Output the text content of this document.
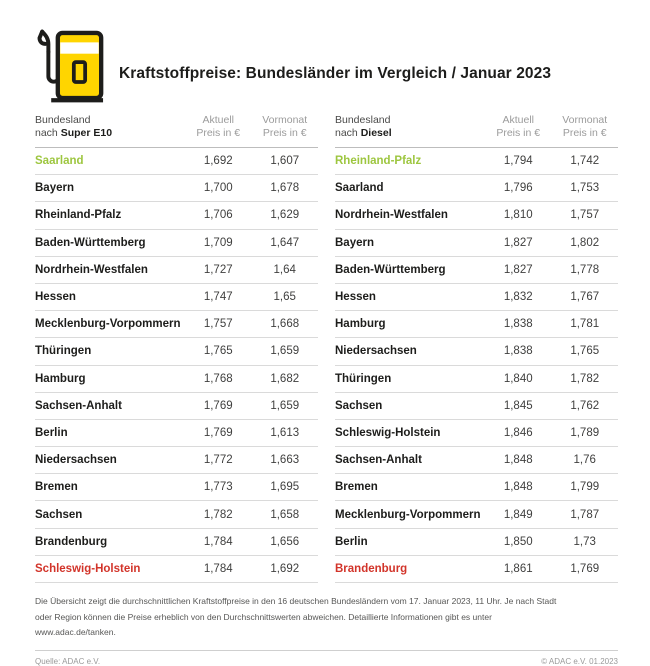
Kraftstoffpreise: Bundesländer im Vergleich / Januar 2023
Bundesland
nach Super E10
Aktuell
Preis in €
Vormonat
Preis in €
Saarland	1,692	1,607
Bayern	1,700	1,678
Rheinland-Pfalz	1,706	1,629
Baden-Württemberg	1,709	1,647
Nordrhein-Westfalen	1,727	1,64
Hessen	1,747	1,65
Mecklenburg-Vorpommern	1,757	1,668
Thüringen	1,765	1,659
Hamburg	1,768	1,682
Sachsen-Anhalt	1,769	1,659
Berlin	1,769	1,613
Niedersachsen	1,772	1,663
Bremen	1,773	1,695
Sachsen	1,782	1,658
Brandenburg	1,784	1,656
Schleswig-Holstein	1,784	1,692
Bundesland
nach Diesel
Aktuell
Preis in €
Vormonat
Preis in €
Rheinland-Pfalz	1,794	1,742
Saarland	1,796	1,753
Nordrhein-Westfalen	1,810	1,757
Bayern	1,827	1,802
Baden-Württemberg	1,827	1,778
Hessen	1,832	1,767
Hamburg	1,838	1,781
Niedersachsen	1,838	1,765
Thüringen	1,840	1,782
Sachsen	1,845	1,762
Schleswig-Holstein	1,846	1,789
Sachsen-Anhalt	1,848	1,76
Bremen	1,848	1,799
Mecklenburg-Vorpommern	1,849	1,787
Berlin	1,850	1,73
Brandenburg	1,861	1,769

Die Übersicht zeigt die durchschnittlichen Kraftstoffpreise in den 16 deutschen Bundesländern vom 17. Januar 2023, 11 Uhr. Je nach Stadt oder Region können die Preise erheblich von den Durchschnittswerten abweichen. Detaillierte Informationen gibt es unter www.adac.de/tanken.

Quelle: ADAC e.V.	© ADAC e.V. 01.2023
